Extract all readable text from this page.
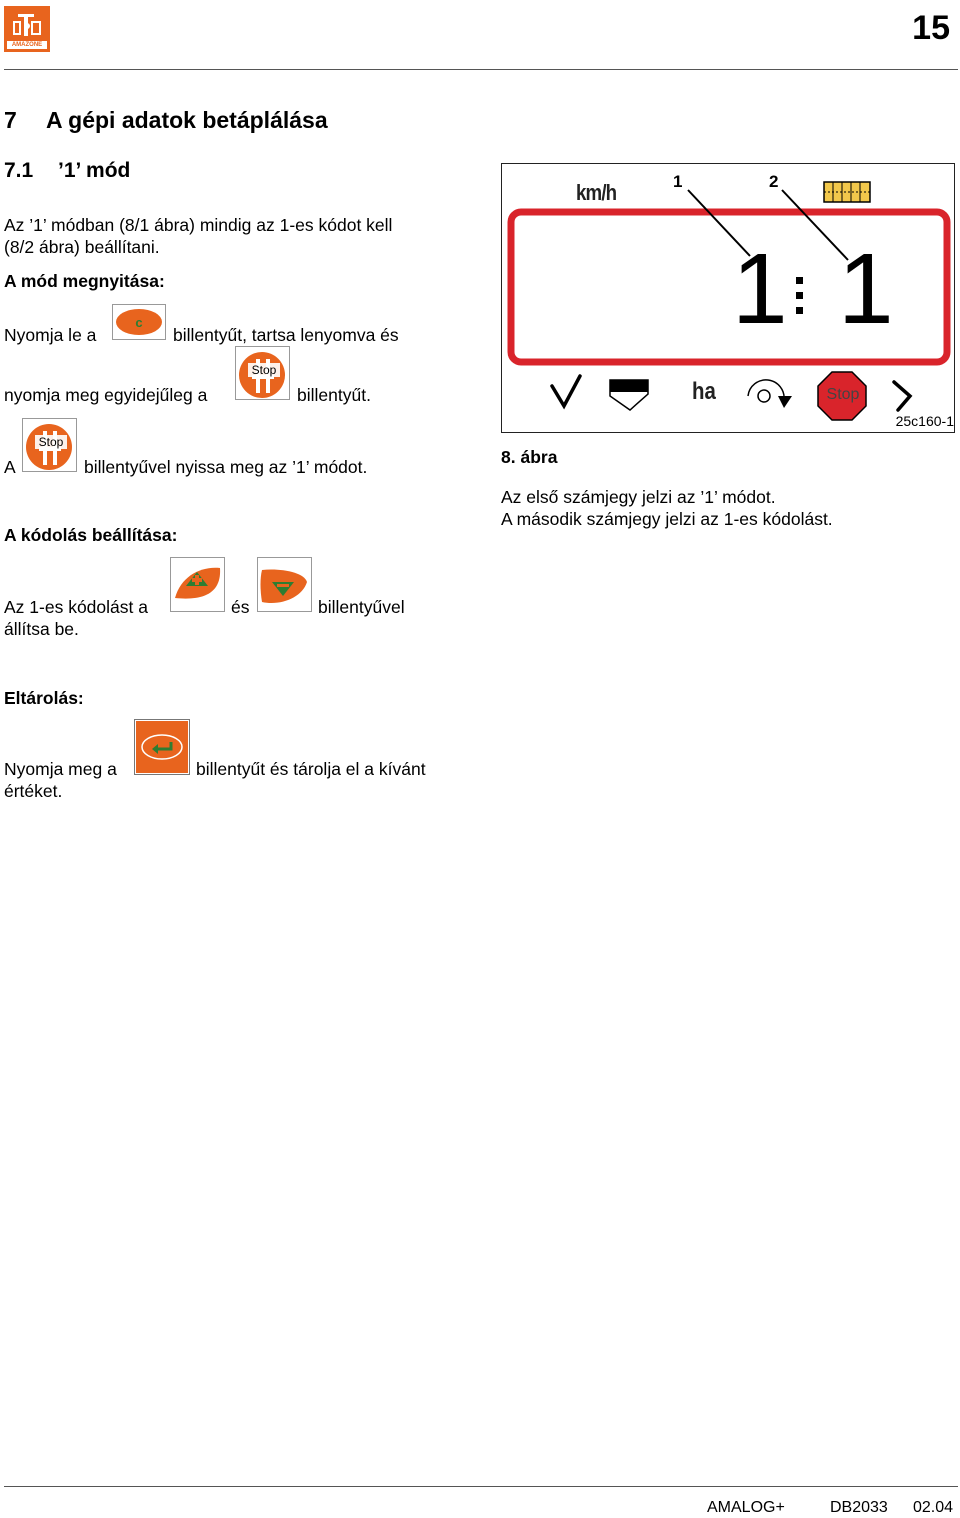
AMAZONE	15
7 A gépi adatok betáplálása
7.1 ’1’ mód
Az ’1’ módban (8/1 ábra) mindig az 1-es kódot kell
(8/2 ábra) beállítani.
A mód megnyitása:
Nyomja le a
c
billentyűt, tartsa lenyomva és
nyomja meg egyidejűleg a
Stop
billentyűt.
A
Stop
billentyűvel nyissa meg az ’1’ módot.
A kódolás beállítása:
Az 1-es kódolást a	és	billentyűvel
állítsa be.
Eltárolás:
Nyomja meg a	billentyűt és tárolja el a kívánt
értéket.
km/h	1	2
1 1
ha	Stop
25c160-1
8. ábra
Az első számjegy jelzi az ’1’ módot.
A második számjegy jelzi az 1-es kódolást.
AMALOG+	DB2033 02.04
